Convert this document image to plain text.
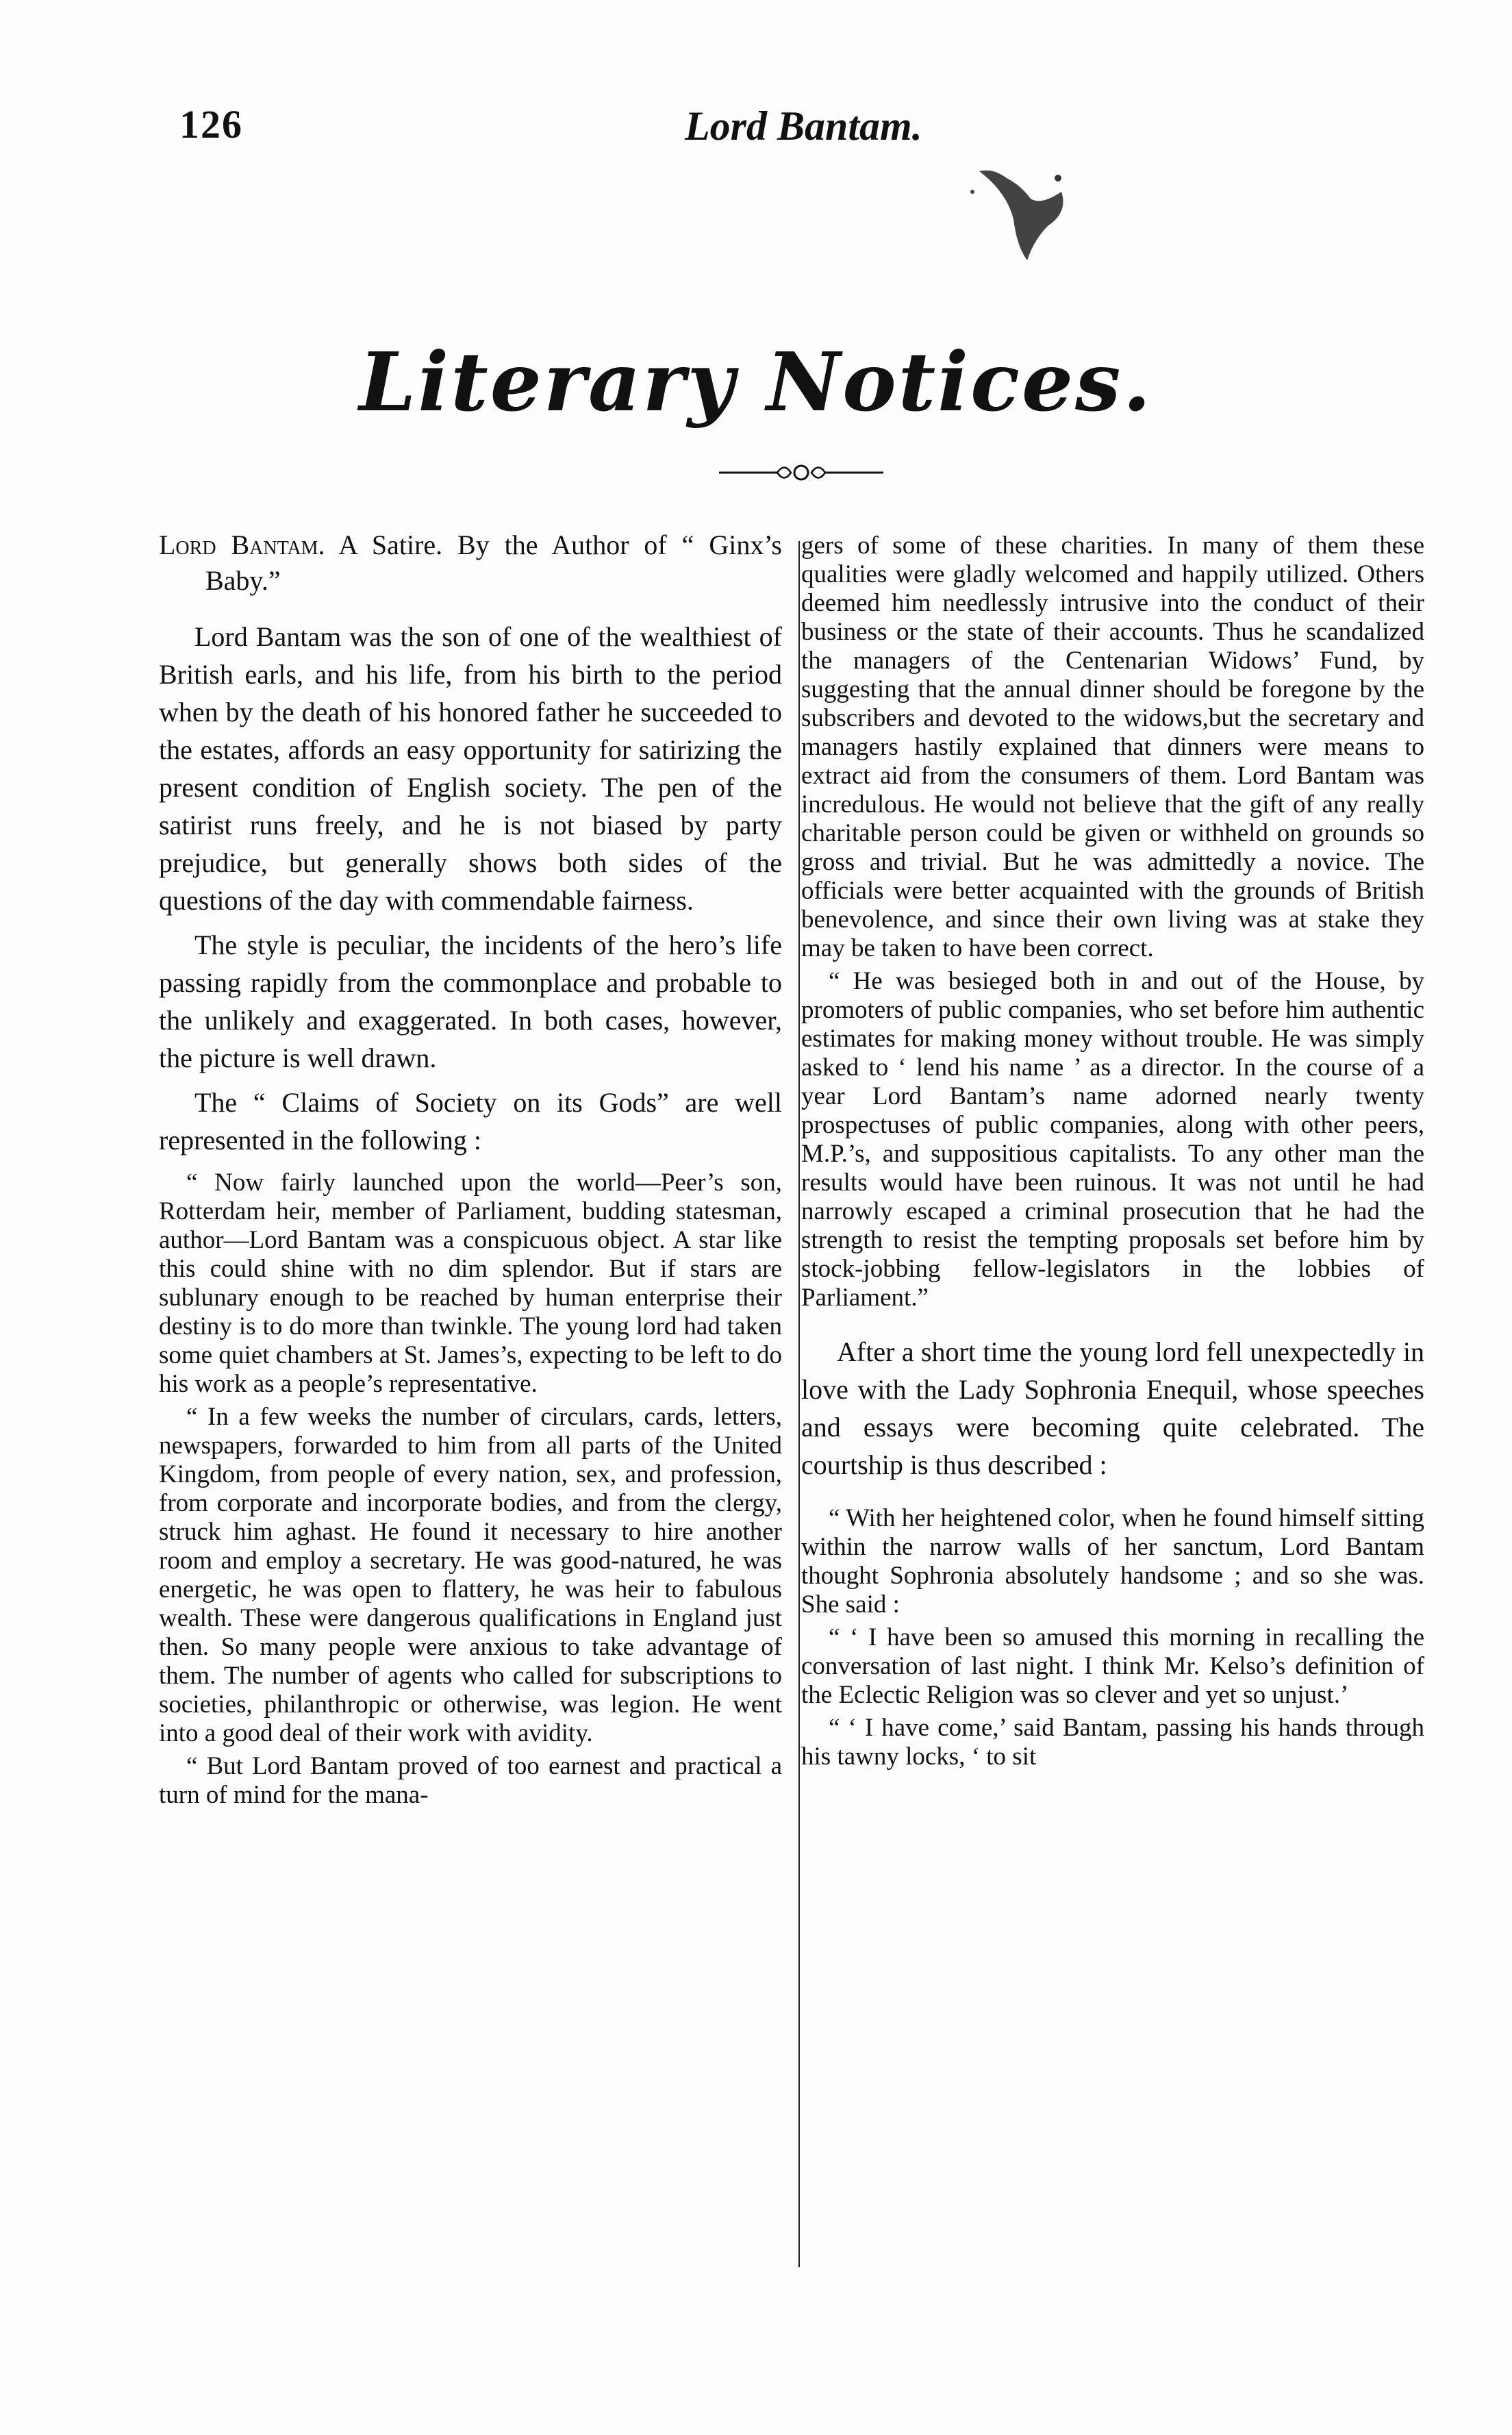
126	Lord Bantam.
Literary Notices.

Lord Bantam. A Satire. By the Author of “ Ginx’s Baby.”

Lord Bantam was the son of one of the wealthiest of British earls, and his life, from his birth to the period when by the death of his honored father he succeeded to the estates, affords an easy opportunity for satirizing the present condition of English society. The pen of the satirist runs freely, and he is not biased by party prejudice, but generally shows both sides of the questions of the day with commendable fairness.

The style is peculiar, the incidents of the hero’s life passing rapidly from the commonplace and probable to the unlikely and exaggerated. In both cases, however, the picture is well drawn.

The “ Claims of Society on its Gods” are well represented in the following :

“ Now fairly launched upon the world—Peer’s son, Rotterdam heir, member of Parliament, budding statesman, author—Lord Bantam was a conspicuous object. A star like this could shine with no dim splendor. But if stars are sublunary enough to be reached by human enterprise their destiny is to do more than twinkle. The young lord had taken some quiet chambers at St. James’s, expecting to be left to do his work as a people’s representative.

“ In a few weeks the number of circulars, cards, letters, newspapers, forwarded to him from all parts of the United Kingdom, from people of every nation, sex, and profession, from corporate and incorporate bodies, and from the clergy, struck him aghast. He found it necessary to hire another room and employ a secretary. He was good-natured, he was energetic, he was open to flattery, he was heir to fabulous wealth. These were dangerous qualifications in England just then. So many people were anxious to take advantage of them. The number of agents who called for subscriptions to societies, philanthropic or otherwise, was legion. He went into a good deal of their work with avidity.

“ But Lord Bantam proved of too earnest and practical a turn of mind for the mana-

gers of some of these charities. In many of them these qualities were gladly welcomed and happily utilized. Others deemed him needlessly intrusive into the conduct of their business or the state of their accounts. Thus he scandalized the managers of the Centenarian Widows’ Fund, by suggesting that the annual dinner should be foregone by the subscribers and devoted to the widows,but the secretary and managers hastily explained that dinners were means to extract aid from the consumers of them. Lord Bantam was incredulous. He would not believe that the gift of any really charitable person could be given or withheld on grounds so gross and trivial. But he was admittedly a novice. The officials were better acquainted with the grounds of British benevolence, and since their own living was at stake they may be taken to have been correct.

“ He was besieged both in and out of the House, by promoters of public companies, who set before him authentic estimates for making money without trouble. He was simply asked to ‘ lend his name ’ as a director. In the course of a year Lord Bantam’s name adorned nearly twenty prospectuses of public companies, along with other peers, M.P.’s, and suppositious capitalists. To any other man the results would have been ruinous. It was not until he had narrowly escaped a criminal prosecution that he had the strength to resist the tempting proposals set before him by stock-jobbing fellow-legislators in the lobbies of Parliament.”

After a short time the young lord fell unexpectedly in love with the Lady Sophronia Enequil, whose speeches and essays were becoming quite celebrated. The courtship is thus described :

“ With her heightened color, when he found himself sitting within the narrow walls of her sanctum, Lord Bantam thought Sophronia absolutely handsome ; and so she was. She said :

“ ‘ I have been so amused this morning in recalling the conversation of last night. I think Mr. Kelso’s definition of the Eclectic Religion was so clever and yet so unjust.’

“ ‘ I have come,’ said Bantam, passing his hands through his tawny locks, ‘ to sit
